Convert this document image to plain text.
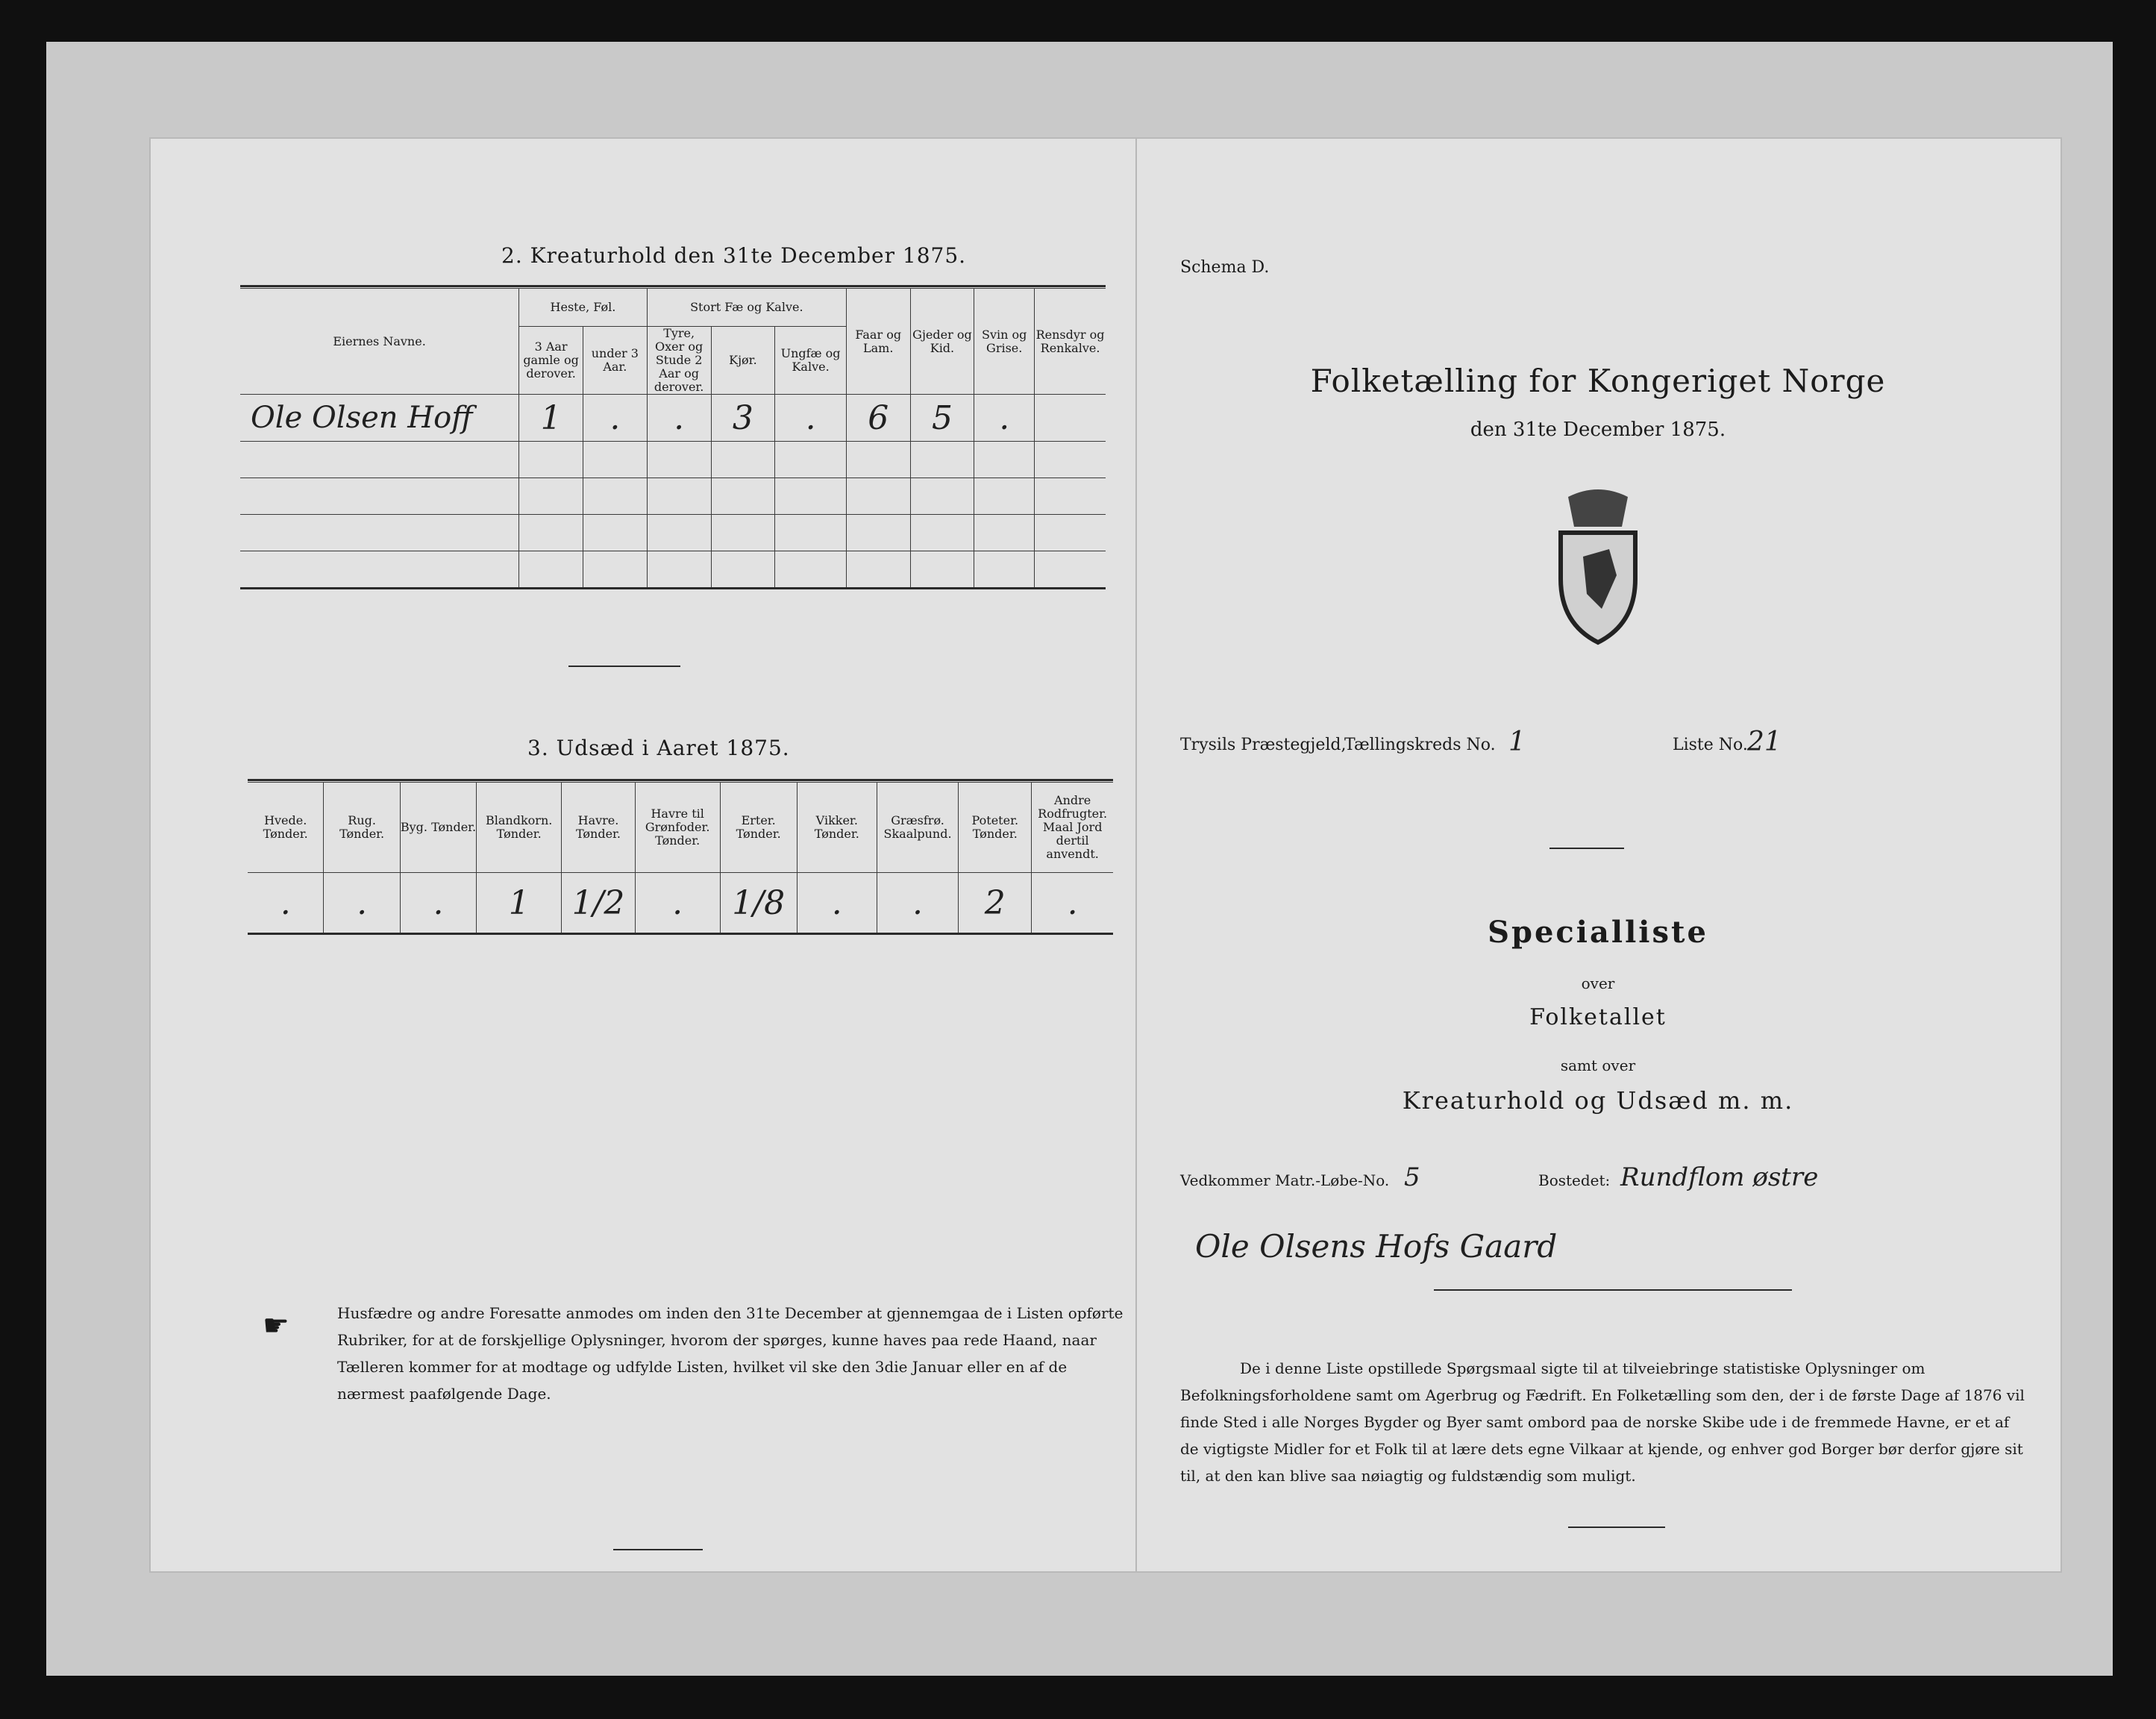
2. Kreaturhold den 31te December 1875.
Eiernes Navne.	Heste, Føl.		Stort Fæ og Kalve.			Faar og Lam.	Gjeder og Kid.	Svin og Grise.	Rensdyr og Renkalve.
	3 Aar gamle og derover.	under 3 Aar.	Tyre, Oxer og Stude 2 Aar og derover.	Kjør.	Ungfæ og Kalve.				
Ole Olsen Hoff	1	.	.	3	.	6	5	.	

3. Udsæd i Aaret 1875.
Hvede. Tønder.	Rug. Tønder.	Byg. Tønder.	Blandkorn. Tønder.	Havre. Tønder.	Havre til Grønfoder. Tønder.	Erter. Tønder.	Vikker. Tønder.	Græsfrø. Skaalpund.	Poteter. Tønder.	Andre Rodfrugter. Maal Jord dertil anvendt.
.	.	.	1	1/2	.	1/8	.	.	2	.
☛	Husfædre og andre Foresatte anmodes om inden den 31te December at gjennemgaa de i Listen opførte Rubriker, for at de forskjellige Oplysninger, hvorom der spørges, kunne haves paa rede Haand, naar Tælleren kommer for at modtage og udfylde Listen, hvilket vil ske den 3die Januar eller en af de nærmest paafølgende Dage.
Schema D.
Folketælling for Kongeriget Norge
den 31te December 1875.
Trysils Præstegjeld,
Tællingskreds No. 1	Liste No. 21
Specialliste
over
Folketallet
samt over
Kreaturhold og Udsæd m. m.
Vedkommer Matr.-Løbe-No. 5	Bostedet: Rundflom østre
Ole Olsens Hofs Gaard
De i denne Liste opstillede Spørgsmaal sigte til at tilveiebringe statistiske Oplysninger om Befolkningsforholdene samt om Agerbrug og Fædrift. En Folketælling som den, der i de første Dage af 1876 vil finde Sted i alle Norges Bygder og Byer samt ombord paa de norske Skibe ude i de fremmede Havne, er et af de vigtigste Midler for et Folk til at lære dets egne Vilkaar at kjende, og enhver god Borger bør derfor gjøre sit til, at den kan blive saa nøiagtig og fuldstændig som muligt.
